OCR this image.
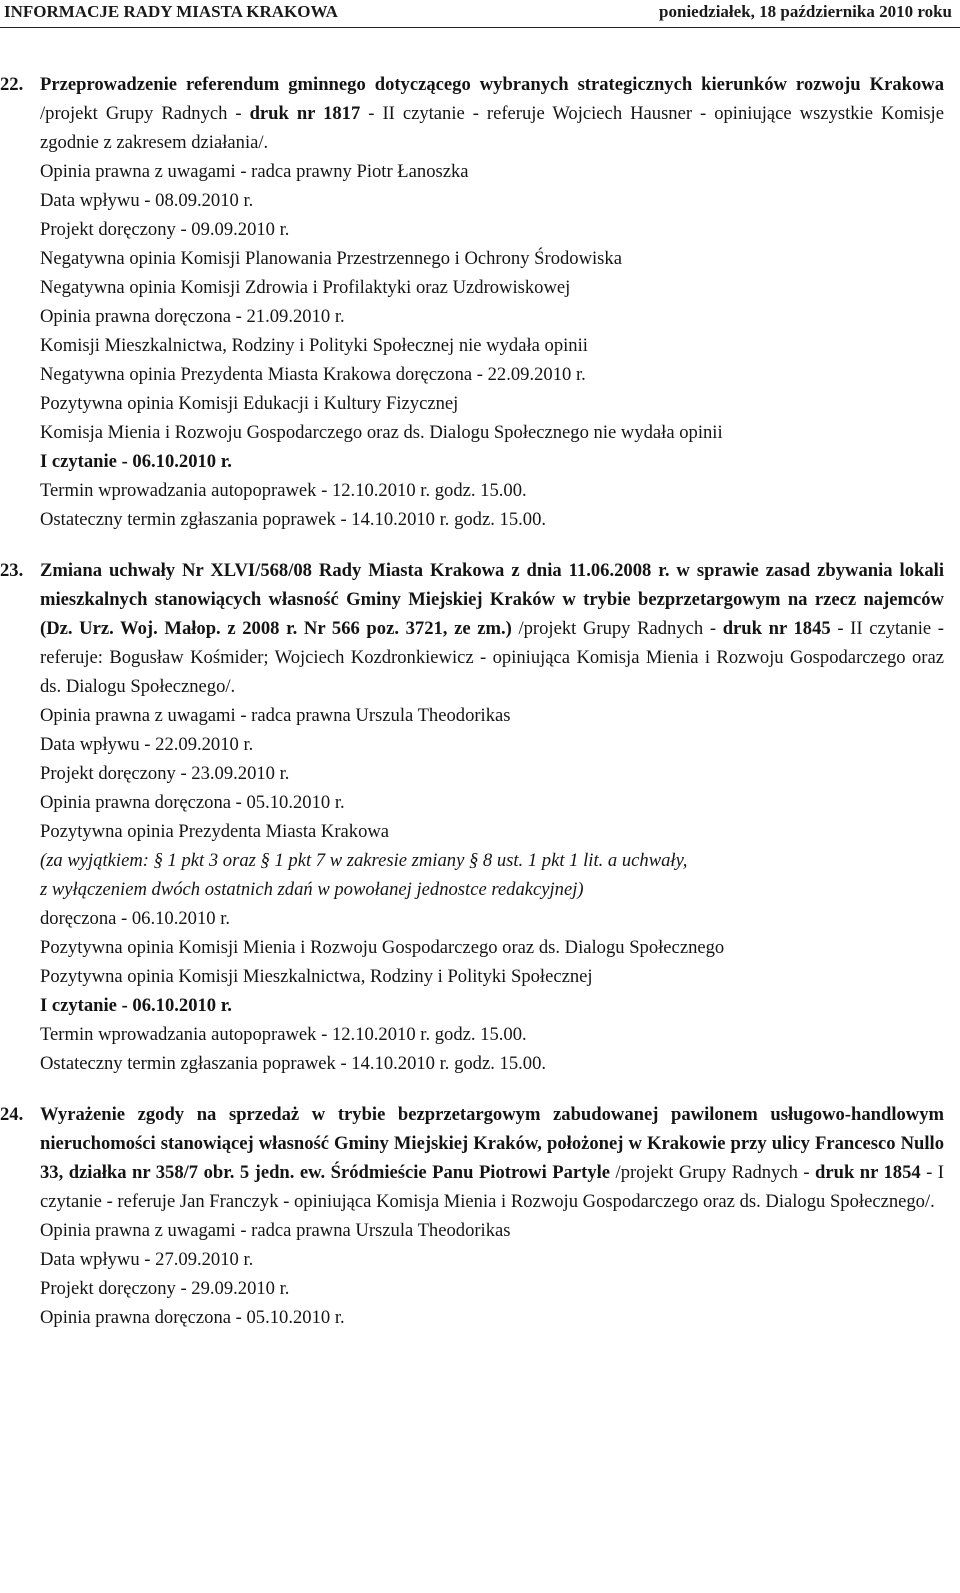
INFORMACJE RADY MIASTA KRAKOWA	poniedziałek, 18 października 2010 roku
22. Przeprowadzenie referendum gminnego dotyczącego wybranych strategicznych kierunków rozwoju Krakowa /projekt Grupy Radnych - druk nr 1817 - II czytanie - referuje Wojciech Hausner - opiniujące wszystkie Komisje zgodnie z zakresem działania/.
Opinia prawna z uwagami - radca prawny Piotr Łanoszka
Data wpływu - 08.09.2010 r.
Projekt doręczony - 09.09.2010 r.
Negatywna opinia Komisji Planowania Przestrzennego i Ochrony Środowiska
Negatywna opinia Komisji Zdrowia i Profilaktyki oraz Uzdrowiskowej
Opinia prawna doręczona - 21.09.2010 r.
Komisji Mieszkalnictwa, Rodziny i Polityki Społecznej nie wydała opinii
Negatywna opinia Prezydenta Miasta Krakowa doręczona - 22.09.2010 r.
Pozytywna opinia Komisji Edukacji i Kultury Fizycznej
Komisja Mienia i Rozwoju Gospodarczego oraz ds. Dialogu Społecznego nie wydała opinii
I czytanie - 06.10.2010 r.
Termin wprowadzania autopoprawek - 12.10.2010 r. godz. 15.00.
Ostateczny termin zgłaszania poprawek - 14.10.2010 r. godz. 15.00.
23. Zmiana uchwały Nr XLVI/568/08 Rady Miasta Krakowa z dnia 11.06.2008 r. w sprawie zasad zbywania lokali mieszkalnych stanowiących własność Gminy Miejskiej Kraków w trybie bezprzetargowym na rzecz najemców (Dz. Urz. Woj. Małop. z 2008 r. Nr 566 poz. 3721, ze zm.) /projekt Grupy Radnych - druk nr 1845 - II czytanie - referuje: Bogusław Kośmider; Wojciech Kozdronkiewicz - opiniująca Komisja Mienia i Rozwoju Gospodarczego oraz ds. Dialogu Społecznego/.
Opinia prawna z uwagami - radca prawna Urszula Theodorikas
Data wpływu - 22.09.2010 r.
Projekt doręczony - 23.09.2010 r.
Opinia prawna doręczona - 05.10.2010 r.
Pozytywna opinia Prezydenta Miasta Krakowa
(za wyjątkiem: § 1 pkt 3 oraz § 1 pkt 7 w zakresie zmiany § 8 ust. 1 pkt 1 lit. a uchwały,
z wyłączeniem dwóch ostatnich zdań w powołanej jednostce redakcyjnej)
doręczona - 06.10.2010 r.
Pozytywna opinia Komisji Mienia i Rozwoju Gospodarczego oraz ds. Dialogu Społecznego
Pozytywna opinia Komisji Mieszkalnictwa, Rodziny i Polityki Społecznej
I czytanie - 06.10.2010 r.
Termin wprowadzania autopoprawek - 12.10.2010 r. godz. 15.00.
Ostateczny termin zgłaszania poprawek - 14.10.2010 r. godz. 15.00.
24. Wyrażenie zgody na sprzedaż w trybie bezprzetargowym zabudowanej pawilonem usługowo-handlowym nieruchomości stanowiącej własność Gminy Miejskiej Kraków, położonej w Krakowie przy ulicy Francesco Nullo 33, działka nr 358/7 obr. 5 jedn. ew. Śródmieście Panu Piotrowi Partyle /projekt Grupy Radnych - druk nr 1854 - I czytanie - referuje Jan Franczyk - opiniująca Komisja Mienia i Rozwoju Gospodarczego oraz ds. Dialogu Społecznego/.
Opinia prawna z uwagami - radca prawna Urszula Theodorikas
Data wpływu - 27.09.2010 r.
Projekt doręczony - 29.09.2010 r.
Opinia prawna doręczona - 05.10.2010 r.
